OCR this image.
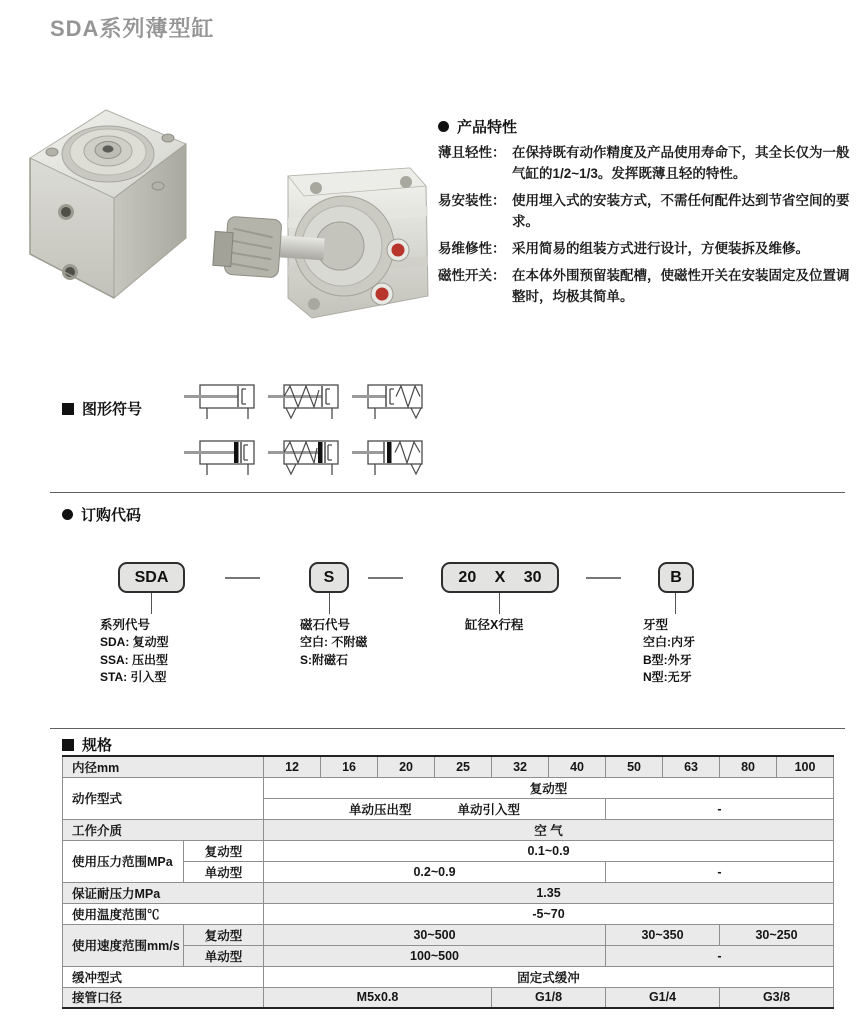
SDA系列薄型缸
产品特性
薄且轻性： 在保持既有动作精度及产品使用寿命下，其全长仅为一般气缸的1/2~1/3。发挥既薄且轻的特性。
易安装性： 使用埋入式的安装方式，不需任何配件达到节省空间的要求。
易维修性： 采用简易的组装方式进行设计，方便装拆及维修。
磁性开关： 在本体外围预留装配槽，使磁性开关在安装固定及位置调整时，均极其简单。
图形符号
订购代码
SDA	S	20 X 30	B
系列代号
SDA: 复动型
SSA: 压出型
STA: 引入型
磁石代号
空白: 不附磁
S:附磁石
缸径X行程	牙型
空白:内牙
B型:外牙
N型:无牙
规格
内径mm		12	16	20	25	32	40	50	63	80	100
动作型式		复动型									
		单动压出型 单动引入型						-			
工作介质		空 气									
使用压力范围MPa	复动型	0.1~0.9									
	单动型	0.2~0.9						-			
保证耐压力MPa		1.35									
使用温度范围℃		-5~70									
使用速度范围mm/s	复动型	30~500						30~350		30~250	
	单动型	100~500						-			
缓冲型式		固定式缓冲									
接管口径		M5x0.8				G1/8		G1/4		G3/8	
